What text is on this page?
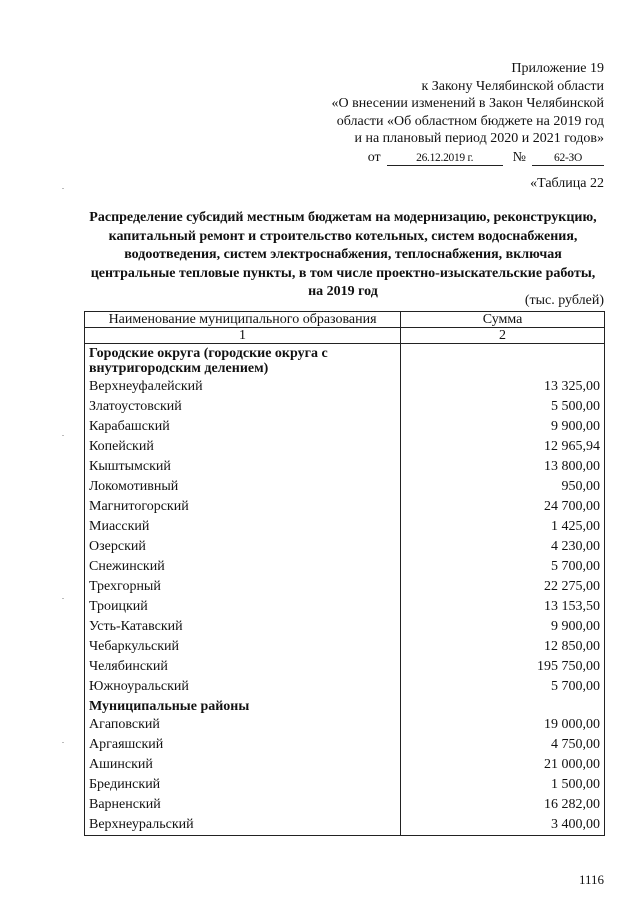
Приложение 19
к Закону Челябинской области
«О внесении изменений в Закон Челябинской
области «Об областном бюджете на 2019 год
и на плановый период 2020 и 2021 годов»
от	26.12.2019 г.	№	62-ЗО
«Таблица 22
Распределение субсидий местным бюджетам на модернизацию, реконструкцию, капитальный ремонт и строительство котельных, систем водоснабжения, водоотведения, систем электроснабжения, теплоснабжения, включая центральные тепловые пункты, в том числе проектно-изыскательские работы, на 2019 год
(тыс. рублей)
Наименование муниципального образования	Сумма
1	2
Городские округа (городские округа с внутригородским делением)	
Верхнеуфалейский	13 325,00
Златоустовский	5 500,00
Карабашский	9 900,00
Копейский	12 965,94
Кыштымский	13 800,00
Локомотивный	950,00
Магнитогорский	24 700,00
Миасский	1 425,00
Озерский	4 230,00
Снежинский	5 700,00
Трехгорный	22 275,00
Троицкий	13 153,50
Усть-Катавский	9 900,00
Чебаркульский	12 850,00
Челябинский	195 750,00
Южноуральский	5 700,00
Муниципальные районы	
Агаповский	19 000,00
Аргаяшский	4 750,00
Ашинский	21 000,00
Брединский	1 500,00
Варненский	16 282,00
Верхнеуральский	3 400,00
1116
